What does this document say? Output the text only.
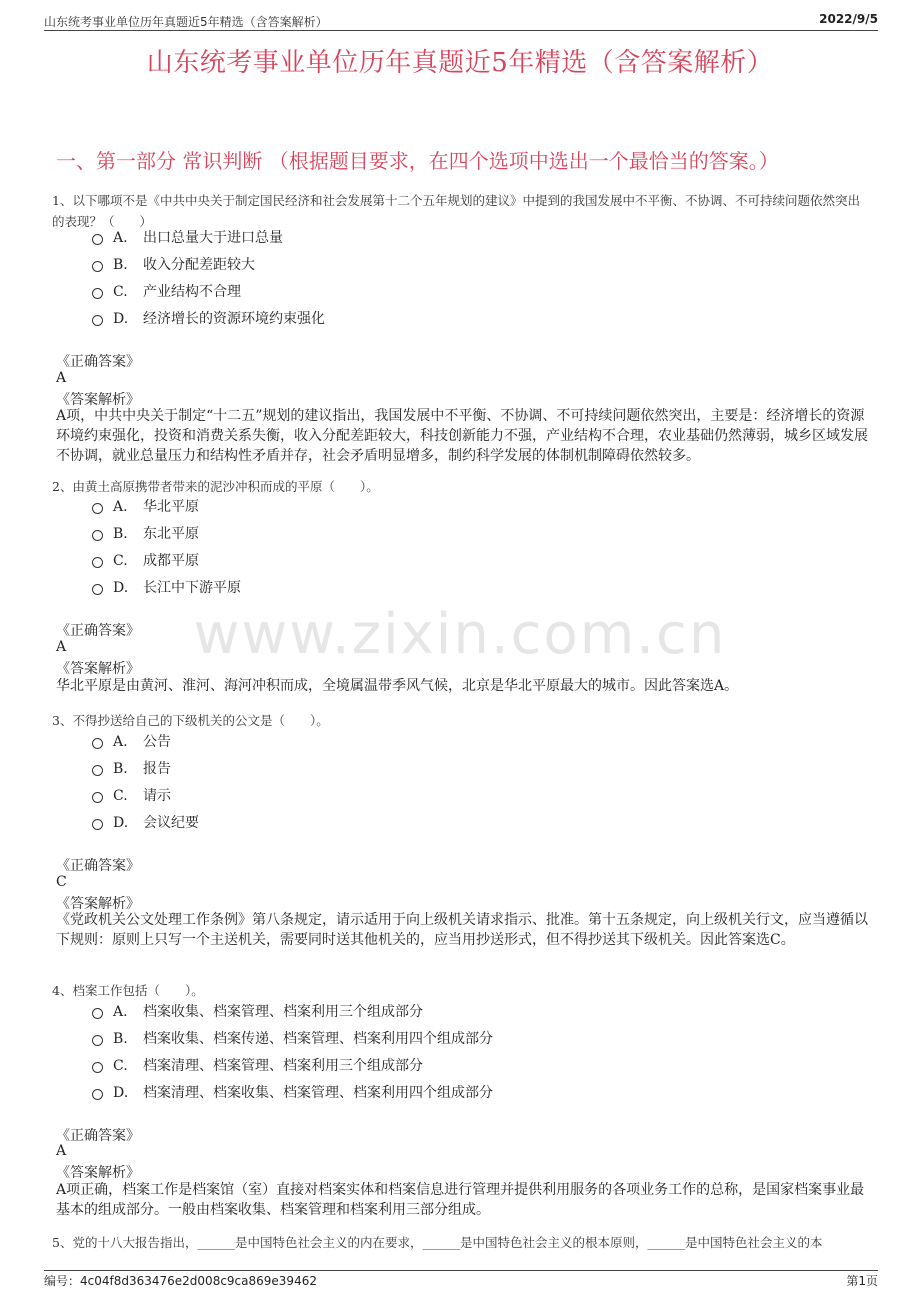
山东统考事业单位历年真题近5年精选（含答案解析）	2022/9/5
山东统考事业单位历年真题近5年精选（含答案解析）
一、第一部分 常识判断 （根据题目要求，在四个选项中选出一个最恰当的答案。）
www.zixin.com.cn
1、以下哪项不是《中共中央关于制定国民经济和社会发展第十二个五年规划的建议》中提到的我国发展中不平衡、不协调、不可持续问题依然突出的表现？（　　）
A. 出口总量大于进口总量
B. 收入分配差距较大
C. 产业结构不合理
D. 经济增长的资源环境约束强化
《正确答案》
A
《答案解析》
A项，中共中央关于制定“十二五”规划的建议指出，我国发展中不平衡、不协调、不可持续问题依然突出，主要是：经济增长的资源环境约束强化，投资和消费关系失衡，收入分配差距较大，科技创新能力不强，产业结构不合理，农业基础仍然薄弱，城乡区域发展不协调，就业总量压力和结构性矛盾并存，社会矛盾明显增多，制约科学发展的体制机制障碍依然较多。
2、由黄土高原携带者带来的泥沙冲积而成的平原（　　）。
A. 华北平原
B. 东北平原
C. 成都平原
D. 长江中下游平原
《正确答案》
A
《答案解析》
华北平原是由黄河、淮河、海河冲积而成，全境属温带季风气候，北京是华北平原最大的城市。因此答案选A。
3、不得抄送给自己的下级机关的公文是（　　）。
A. 公告
B. 报告
C. 请示
D. 会议纪要
《正确答案》
C
《答案解析》
《党政机关公文处理工作条例》第八条规定，请示适用于向上级机关请求指示、批准。第十五条规定，向上级机关行文，应当遵循以下规则：原则上只写一个主送机关，需要同时送其他机关的，应当用抄送形式，但不得抄送其下级机关。因此答案选C。
4、档案工作包括（　　）。
A. 档案收集、档案管理、档案利用三个组成部分
B. 档案收集、档案传递、档案管理、档案利用四个组成部分
C. 档案清理、档案管理、档案利用三个组成部分
D. 档案清理、档案收集、档案管理、档案利用四个组成部分
《正确答案》
A
《答案解析》
A项正确，档案工作是档案馆（室）直接对档案实体和档案信息进行管理并提供利用服务的各项业务工作的总称，是国家档案事业最基本的组成部分。一般由档案收集、档案管理和档案利用三部分组成。
5、党的十八大报告指出，______是中国特色社会主义的内在要求，______是中国特色社会主义的根本原则，______是中国特色社会主义的本
编号：4c04f8d363476e2d008c9ca869e39462	第1页
